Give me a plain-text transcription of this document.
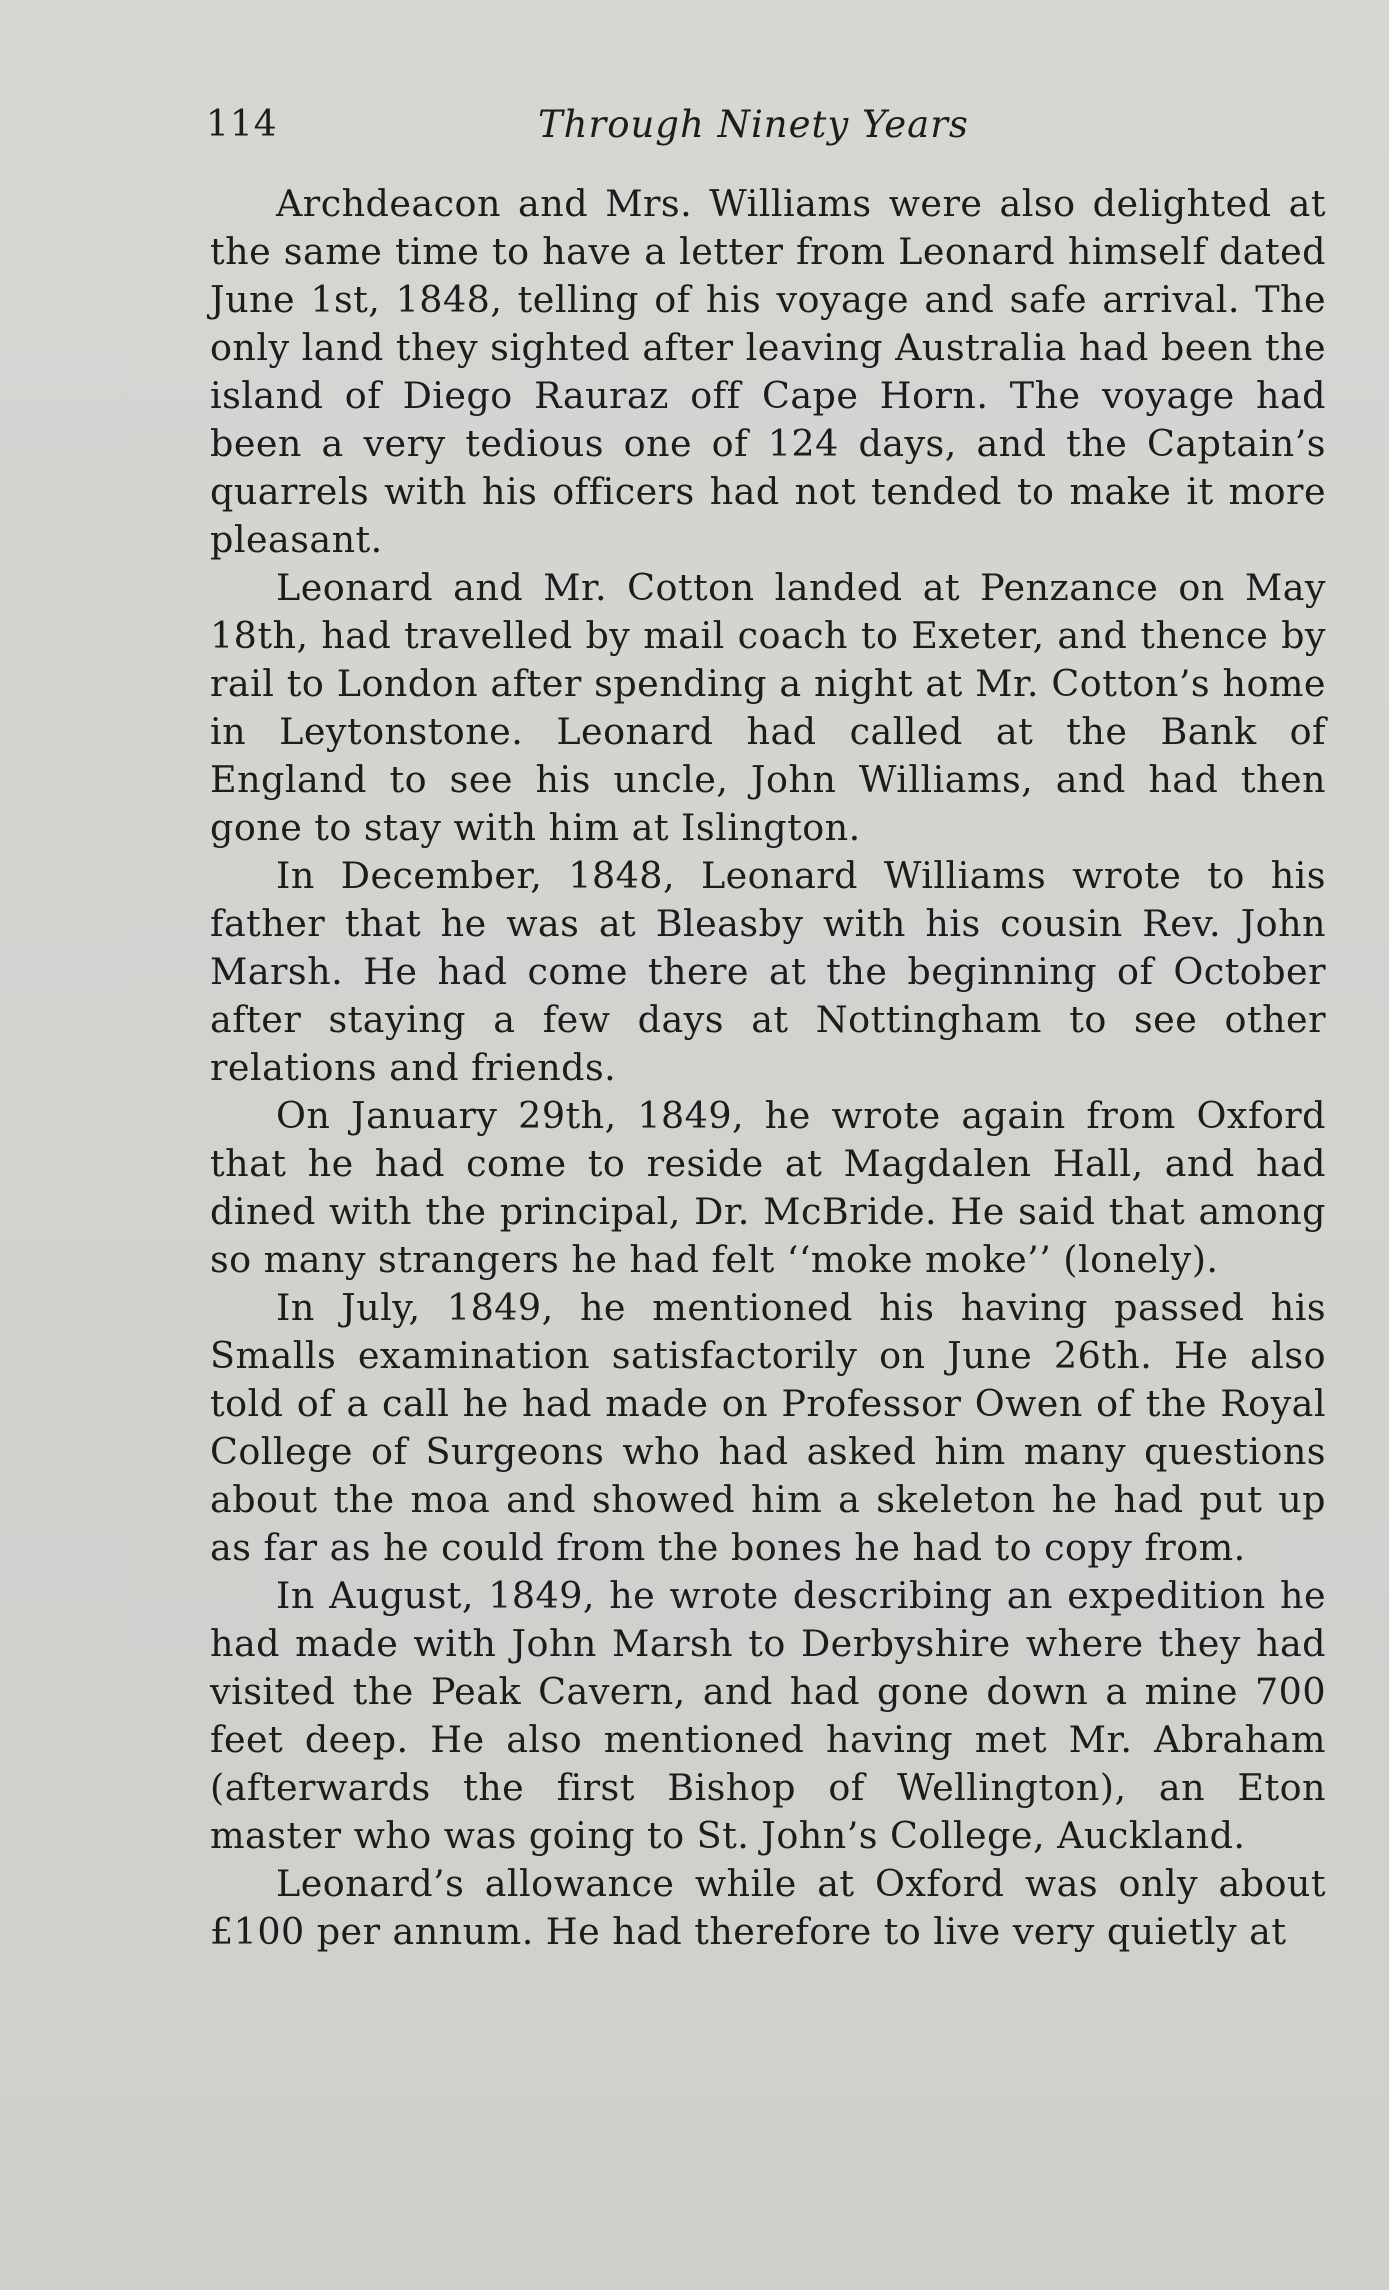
114	Through Ninety Years

Archdeacon and Mrs. Williams were also delighted at the same time to have a letter from Leonard himself dated June 1st, 1848, telling of his voyage and safe arrival. The only land they sighted after leaving Australia had been the island of Diego Rauraz off Cape Horn. The voyage had been a very tedious one of 124 days, and the Captain’s quarrels with his officers had not tended to make it more pleasant.

Leonard and Mr. Cotton landed at Penzance on May 18th, had travelled by mail coach to Exeter, and thence by rail to London after spending a night at Mr. Cotton’s home in Leytonstone. Leonard had called at the Bank of England to see his uncle, John Williams, and had then gone to stay with him at Islington.

In December, 1848, Leonard Williams wrote to his father that he was at Bleasby with his cousin Rev. John Marsh. He had come there at the beginning of October after staying a few days at Nottingham to see other relations and friends.

On January 29th, 1849, he wrote again from Oxford that he had come to reside at Magdalen Hall, and had dined with the principal, Dr. McBride. He said that among so many strangers he had felt ‘‘moke moke’’ (lonely).

In July, 1849, he mentioned his having passed his Smalls examination satisfactorily on June 26th. He also told of a call he had made on Professor Owen of the Royal College of Surgeons who had asked him many questions about the moa and showed him a skeleton he had put up as far as he could from the bones he had to copy from.

In August, 1849, he wrote describing an expedition he had made with John Marsh to Derbyshire where they had visited the Peak Cavern, and had gone down a mine 700 feet deep. He also mentioned having met Mr. Abraham (afterwards the first Bishop of Wellington), an Eton master who was going to St. John’s College, Auckland.

Leonard’s allowance while at Oxford was only about £100 per annum. He had therefore to live very quietly at
